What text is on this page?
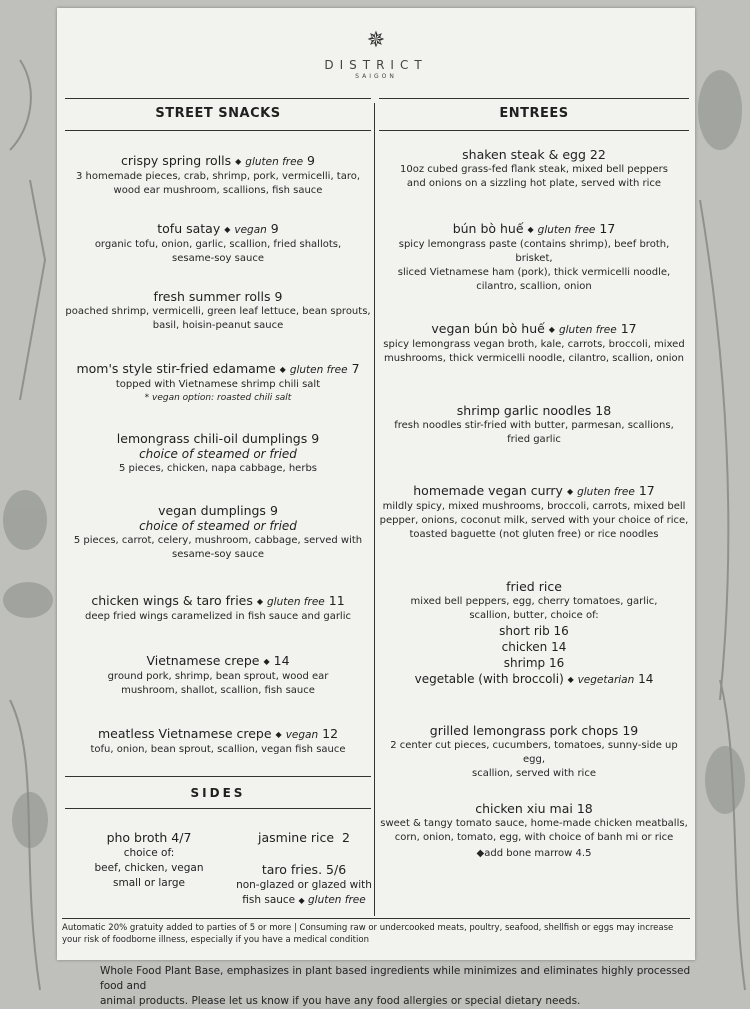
✵
DISTRICT
SAIGON
STREET SNACKS
crispy spring rolls ◆ gluten free 9
3 homemade pieces, crab, shrimp, pork, vermicelli, taro,
wood ear mushroom, scallions, fish sauce
tofu satay ◆ vegan 9
organic tofu, onion, garlic, scallion, fried shallots,
sesame-soy sauce
fresh summer rolls 9
poached shrimp, vermicelli, green leaf lettuce, bean sprouts,
basil, hoisin-peanut sauce
mom's style stir-fried edamame ◆ gluten free 7
topped with Vietnamese shrimp chili salt
* vegan option: roasted chili salt
lemongrass chili-oil dumplings 9
choice of steamed or fried
5 pieces, chicken, napa cabbage, herbs
vegan dumplings 9
choice of steamed or fried
5 pieces, carrot, celery, mushroom, cabbage, served with
sesame-soy sauce
chicken wings & taro fries ◆ gluten free 11
deep fried wings caramelized in fish sauce and garlic
Vietnamese crepe ◆ 14
ground pork, shrimp, bean sprout, wood ear
mushroom, shallot, scallion, fish sauce
meatless Vietnamese crepe ◆ vegan 12
tofu, onion, bean sprout, scallion, vegan fish sauce
ENTREES
shaken steak & egg 22
10oz cubed grass-fed flank steak, mixed bell peppers
and onions on a sizzling hot plate, served with rice
bún bò huế ◆ gluten free 17
spicy lemongrass paste (contains shrimp), beef broth, brisket,
sliced Vietnamese ham (pork), thick vermicelli noodle,
cilantro, scallion, onion
vegan bún bò huế ◆ gluten free 17
spicy lemongrass vegan broth, kale, carrots, broccoli, mixed
mushrooms, thick vermicelli noodle, cilantro, scallion, onion
shrimp garlic noodles 18
fresh noodles stir-fried with butter, parmesan, scallions,
fried garlic
homemade vegan curry ◆ gluten free 17
mildly spicy, mixed mushrooms, broccoli, carrots, mixed bell
pepper, onions, coconut milk, served with your choice of rice,
toasted baguette (not gluten free) or rice noodles
fried rice
mixed bell peppers, egg, cherry tomatoes, garlic,
scallion, butter, choice of:
short rib 16
chicken 14
shrimp 16
vegetable (with broccoli) ◆ vegetarian 14
grilled lemongrass pork chops 19
2 center cut pieces, cucumbers, tomatoes, sunny-side up egg,
scallion, served with rice
chicken xiu mai 18
sweet & tangy tomato sauce, home-made chicken meatballs,
corn, onion, tomato, egg, with choice of banh mi or rice
◆add bone marrow 4.5
SIDES
pho broth 4/7
choice of:
beef, chicken, vegan
small or large
jasmine rice 2
taro fries. 5/6
non-glazed or glazed with
fish sauce ◆ gluten free
Automatic 20% gratuity added to parties of 5 or more | Consuming raw or undercooked meats, poultry, seafood, shellfish or eggs may increase your risk of foodborne illness, especially if you have a medical condition
Whole Food Plant Base, emphasizes in plant based ingredients while minimizes and eliminates highly processed food and
animal products. Please let us know if you have any food allergies or special dietary needs.
